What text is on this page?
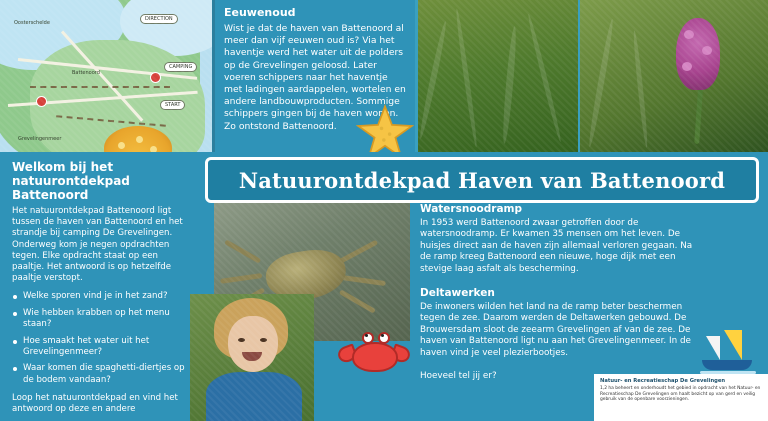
DIRECTION
CAMPING
START
Oosterschelde
Battenoord
Grevelingenmeer
Eeuwenoud

Wist je dat de haven van Battenoord al meer dan vijf eeuwen oud is? Via het haventje werd het water uit de polders op de Grevelingen geloosd. Later voeren schippers naar het haventje met ladingen aardappelen, wortelen en andere landbouwproducten. Sommige schippers gingen bij de haven wonen. Zo ontstond Battenoord.

Welkom bij het natuurontdekpad Battenoord

Het natuurontdekpad Battenoord ligt tussen de haven van Battenoord en het strandje bij camping De Grevelingen. Onderweg kom je negen opdrachten tegen. Elke opdracht staat op een paaltje. Het antwoord is op hetzelfde paaltje verstopt.

Welke sporen vind je in het zand?
Wie hebben krabben op het menu staan?
Hoe smaakt het water uit het Grevelingenmeer?
Waar komen die spaghetti-diertjes op de bodem vandaan?

Loop het natuurontdekpad en vind het antwoord op deze en andere

Natuurontdekpad Haven van Battenoord
Watersnoodramp

In 1953 werd Battenoord zwaar getroffen door de watersnoodramp. Er kwamen 35 mensen om het leven. De huisjes direct aan de haven zijn allemaal verloren gegaan. Na de ramp kreeg Battenoord een nieuwe, hoge dijk met een stevige laag asfalt als bescherming.

Deltawerken

De inwoners wilden het land na de ramp beter beschermen tegen de zee. Daarom werden de Deltawerken gebouwd. De Brouwersdam sloot de zeearm Grevelingen af van de zee. De haven van Battenoord ligt nu aan het Grevelingenmeer. In de haven vind je veel plezierbootjes.

Hoeveel tel jij er?	Natuur- en Recreatieschap De Grevelingen
1,2 ha beheert en onderhoudt het gebied in opdracht van het Natuur- en Recreatieschap De Grevelingen om haalt bezicht op van gerd en veilig gebruik van de openbare voorzieningen.
